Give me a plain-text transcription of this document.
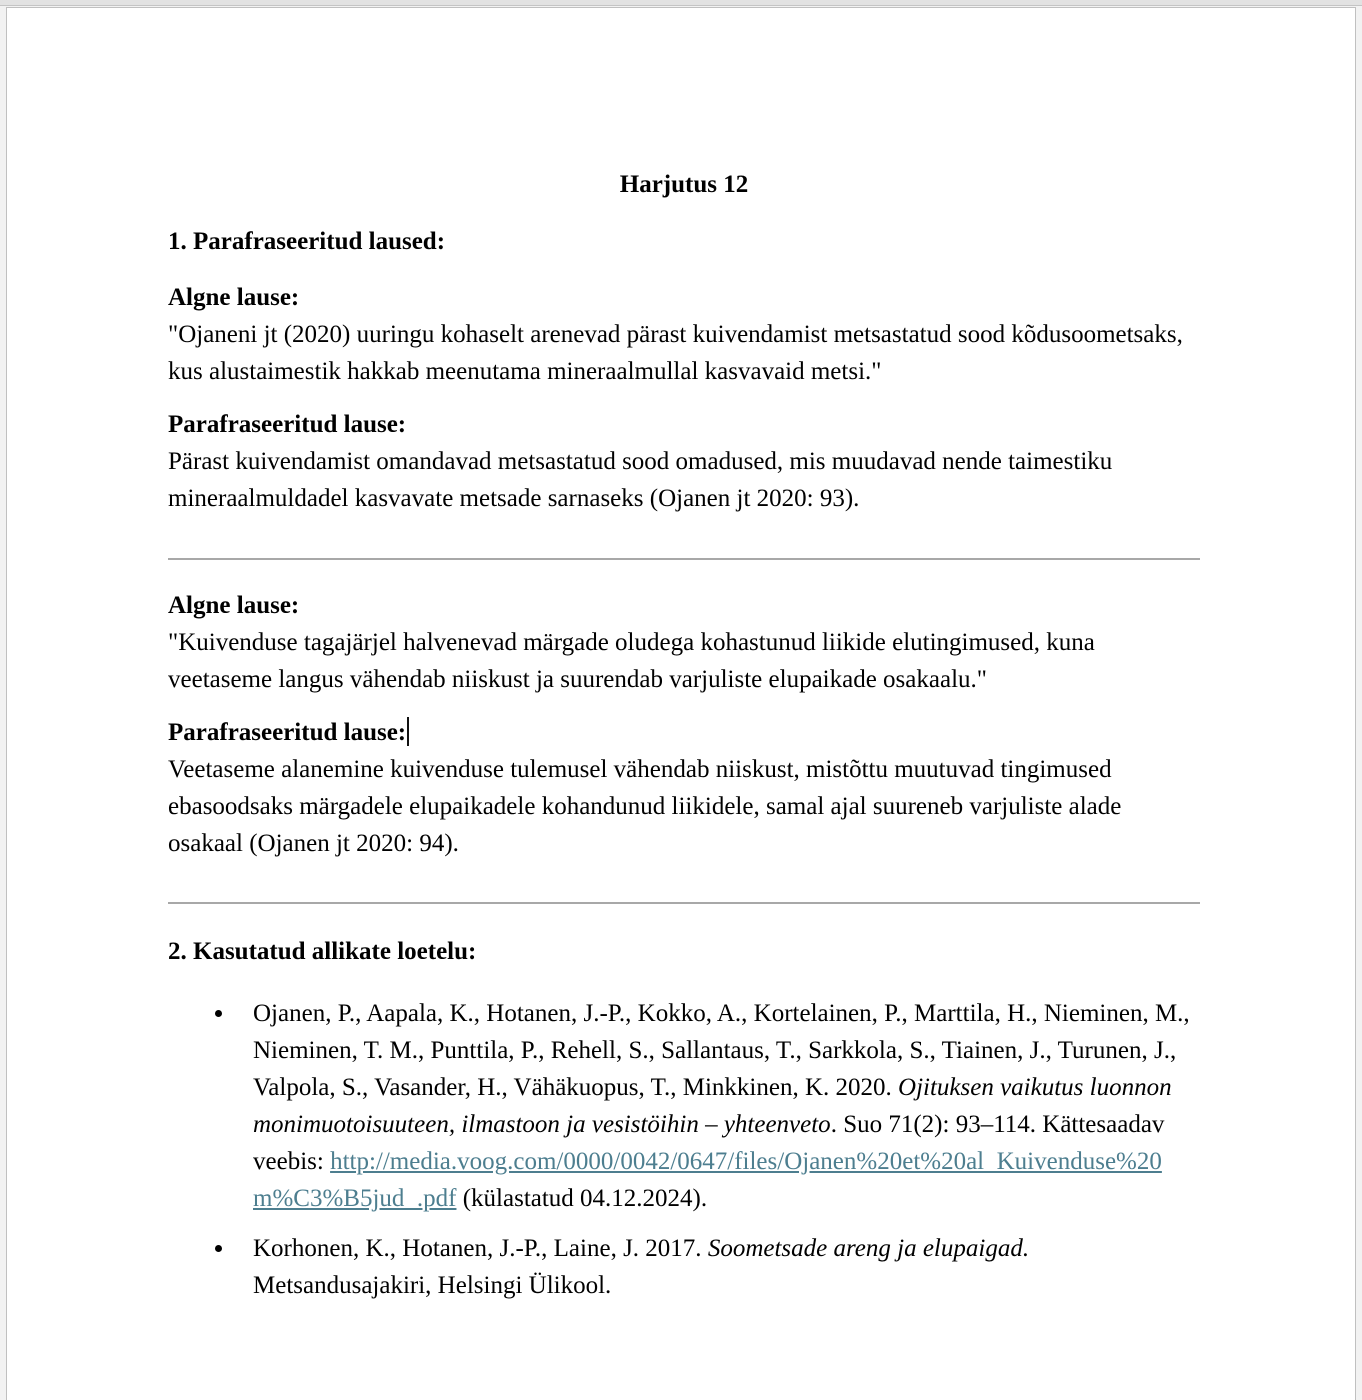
Harjutus 12

1. Parafraseeritud laused:

Algne lause:

"Ojaneni jt (2020) uuringu kohaselt arenevad pärast kuivendamist metsastatud sood kõdusoometsaks, kus alustaimestik hakkab meenutama mineraalmullal kasvavaid metsi."

Parafraseeritud lause:

Pärast kuivendamist omandavad metsastatud sood omadused, mis muudavad nende taimestiku mineraalmuldadel kasvavate metsade sarnaseks (Ojanen jt 2020: 93).

Algne lause:

"Kuivenduse tagajärjel halvenevad märgade oludega kohastunud liikide elutingimused, kuna veetaseme langus vähendab niiskust ja suurendab varjuliste elupaikade osakaalu."

Parafraseeritud lause:

Veetaseme alanemine kuivenduse tulemusel vähendab niiskust, mistõttu muutuvad tingimused ebasoodsaks märgadele elupaikadele kohandunud liikidele, samal ajal suureneb varjuliste alade osakaal (Ojanen jt 2020: 94).

2. Kasutatud allikate loetelu:

Ojanen, P., Aapala, K., Hotanen, J.-P., Kokko, A., Kortelainen, P., Marttila, H., Nieminen, M., Nieminen, T. M., Punttila, P., Rehell, S., Sallantaus, T., Sarkkola, S., Tiainen, J., Turunen, J., Valpola, S., Vasander, H., Vähäkuopus, T., Minkkinen, K. 2020. Ojituksen vaikutus luonnon monimuotoisuuteen, ilmastoon ja vesistöihin – yhteenveto. Suo 71(2): 93–114. Kättesaadav veebis: http://media.voog.com/0000/0042/0647/files/Ojanen%20et%20al_Kuivenduse%20m%C3%B5jud_.pdf (külastatud 04.12.2024).
Korhonen, K., Hotanen, J.-P., Laine, J. 2017. Soometsade areng ja elupaigad. Metsandusajakiri, Helsingi Ülikool.
